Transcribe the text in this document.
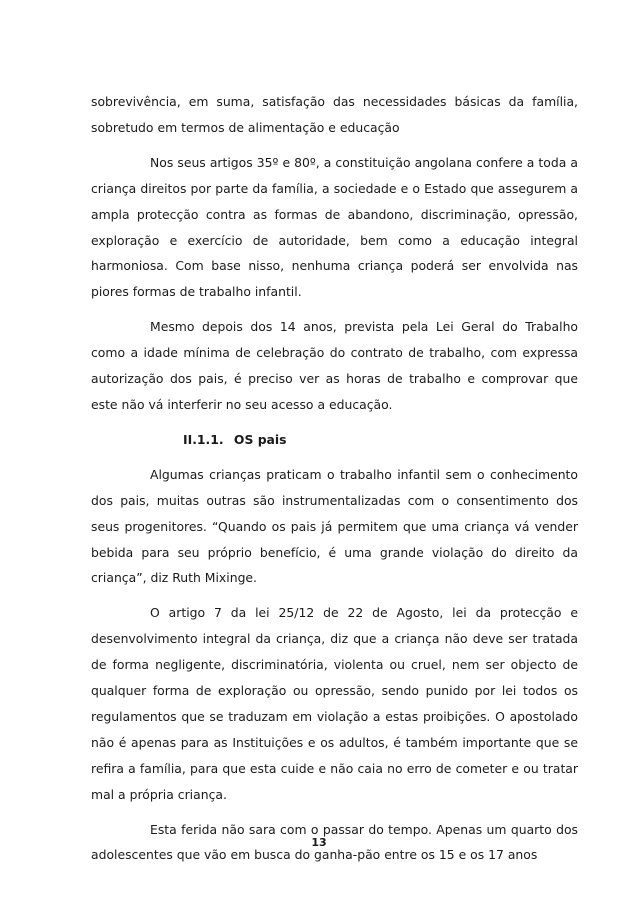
sobrevivência, em suma, satisfação das necessidades básicas da família, sobretudo em termos de alimentação e educação

Nos seus artigos 35º e 80º, a constituição angolana confere a toda a criança direitos por parte da família, a sociedade e o Estado que assegurem a ampla protecção contra as formas de abandono, discriminação, opressão, exploração e exercício de autoridade, bem como a educação integral harmoniosa. Com base nisso, nenhuma criança poderá ser envolvida nas piores formas de trabalho infantil.

Mesmo depois dos 14 anos, prevista pela Lei Geral do Trabalho como a idade mínima de celebração do contrato de trabalho, com expressa autorização dos pais, é preciso ver as horas de trabalho e comprovar que este não vá interferir no seu acesso a educação.

II.1.1. OS pais

Algumas crianças praticam o trabalho infantil sem o conhecimento dos pais, muitas outras são instrumentalizadas com o consentimento dos seus progenitores. “Quando os pais já permitem que uma criança vá vender bebida para seu próprio benefício, é uma grande violação do direito da criança”, diz Ruth Mixinge.

O artigo 7 da lei 25/12 de 22 de Agosto, lei da protecção e desenvolvimento integral da criança, diz que a criança não deve ser tratada de forma negligente, discriminatória, violenta ou cruel, nem ser objecto de qualquer forma de exploração ou opressão, sendo punido por lei todos os regulamentos que se traduzam em violação a estas proibições. O apostolado não é apenas para as Instituições e os adultos, é também importante que se refira a família, para que esta cuide e não caia no erro de cometer e ou tratar mal a própria criança.

Esta ferida não sara com o passar do tempo. Apenas um quarto dos adolescentes que vão em busca do ganha-pão entre os 15 e os 17 anos

13
